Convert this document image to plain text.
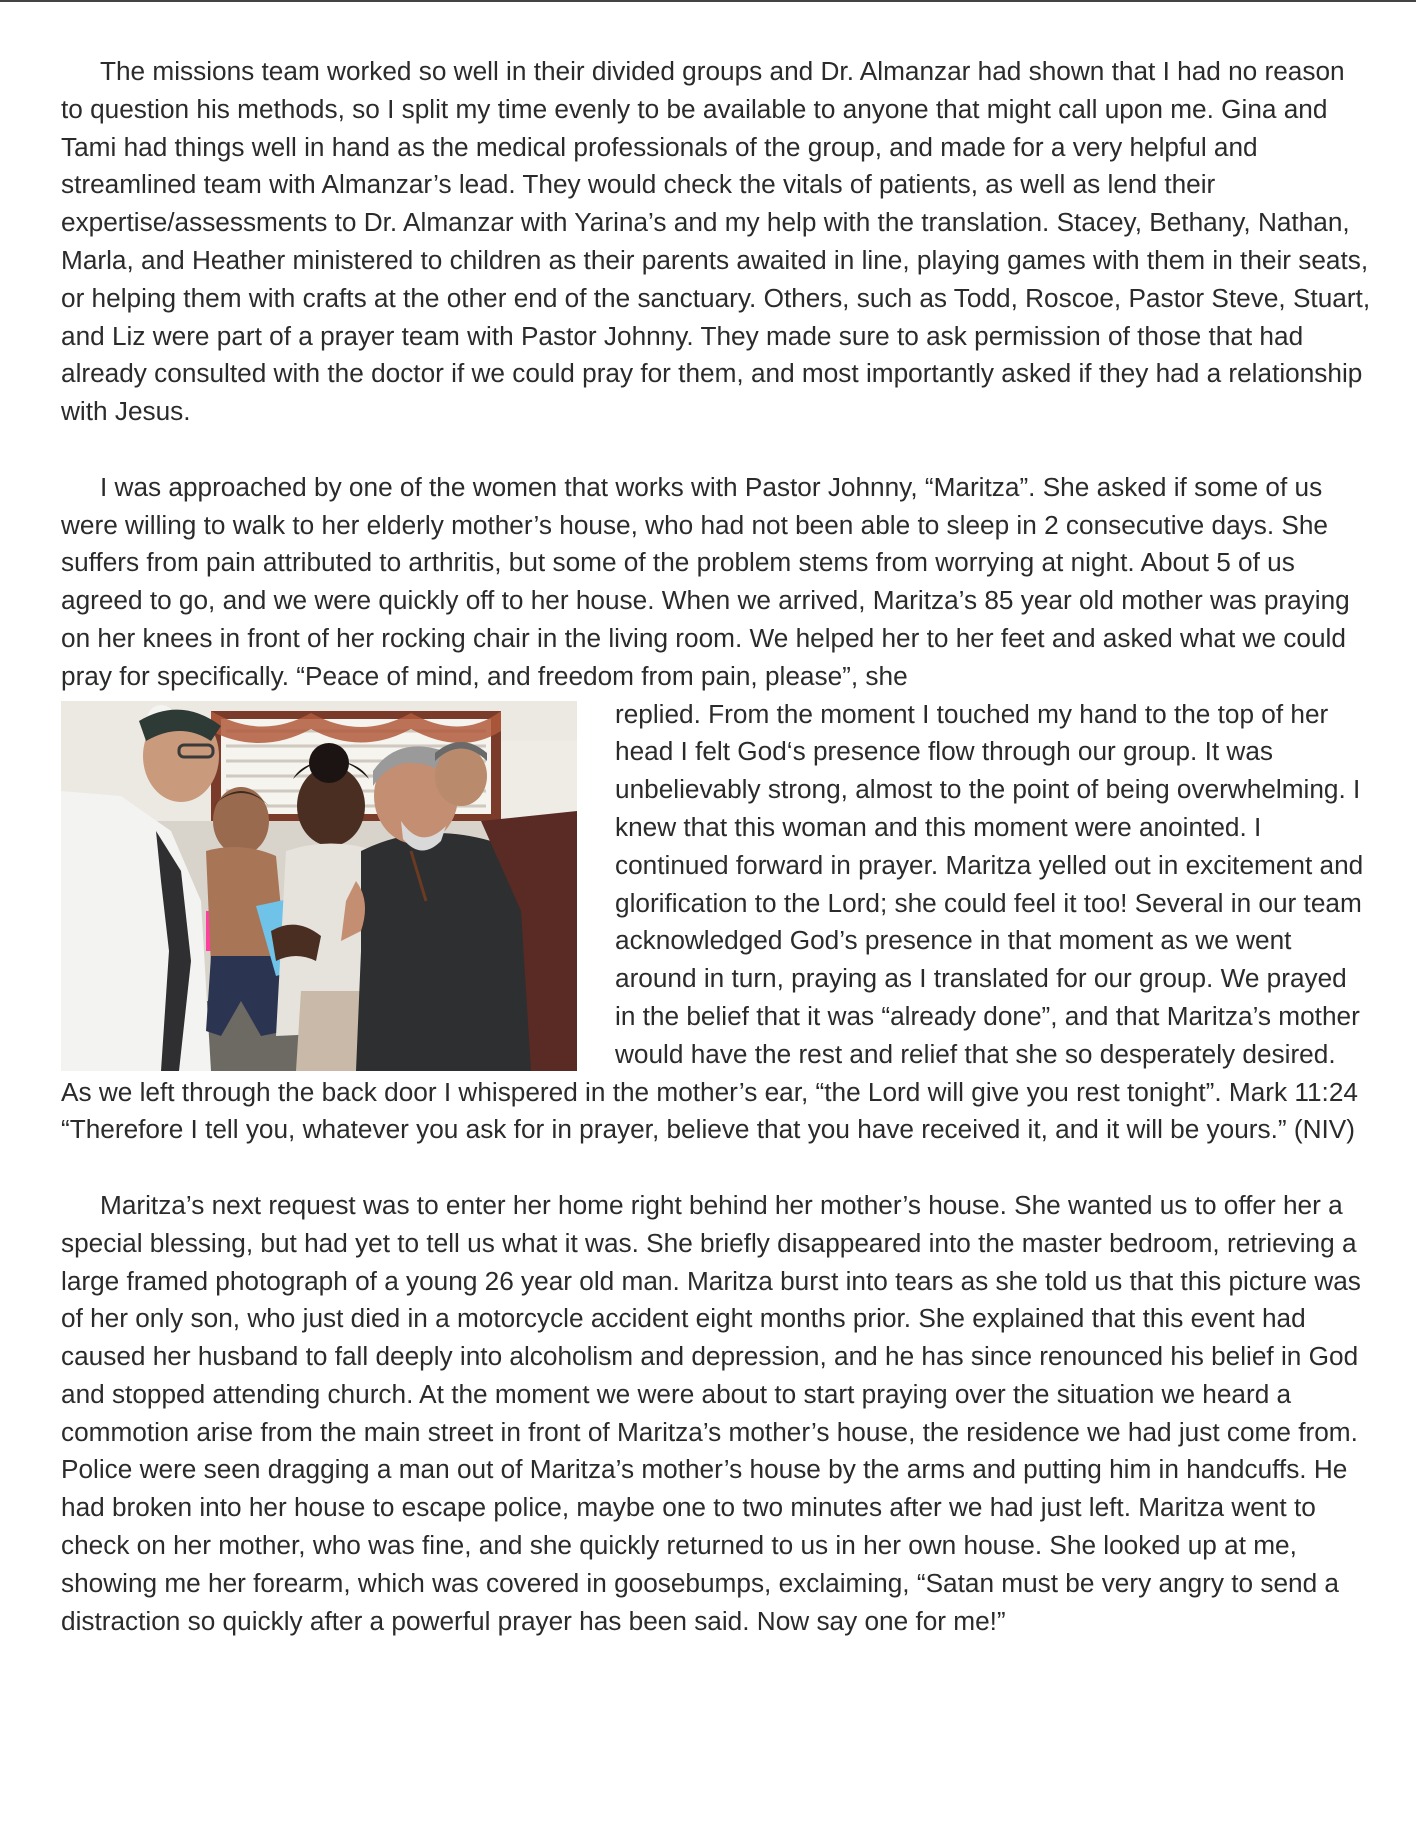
The missions team worked so well in their divided groups and Dr. Almanzar had shown that I had no reason to question his methods, so I split my time evenly to be available to anyone that might call upon me. Gina and Tami had things well in hand as the medical professionals of the group, and made for a very helpful and streamlined team with Almanzar’s lead. They would check the vitals of patients, as well as lend their expertise/assessments to Dr. Almanzar with Yarina’s and my help with the translation. Stacey, Bethany, Nathan, Marla, and Heather ministered to children as their parents awaited in line, playing games with them in their seats, or helping them with crafts at the other end of the sanctuary. Others, such as Todd, Roscoe, Pastor Steve, Stuart, and Liz were part of a prayer team with Pastor Johnny. They made sure to ask permission of those that had already consulted with the doctor if we could pray for them, and most importantly asked if they had a relationship with Jesus.

I was approached by one of the women that works with Pastor Johnny, “Maritza”. She asked if some of us were willing to walk to her elderly mother’s house, who had not been able to sleep in 2 consecutive days. She suffers from pain attributed to arthritis, but some of the problem stems from worrying at night. About 5 of us agreed to go, and we were quickly off to her house. When we arrived, Maritza’s 85 year old mother was praying on her knees in front of her rocking chair in the living room. We helped her to her feet and asked what we could pray for specifically. “Peace of mind, and freedom from pain, please”, she

replied. From the moment I touched my hand to the top of her head I felt God‘s presence flow through our group. It was unbelievably strong, almost to the point of being overwhelming. I knew that this woman and this moment were anointed. I continued forward in prayer. Maritza yelled out in excitement and glorification to the Lord; she could feel it too! Several in our team acknowledged God’s presence in that moment as we went around in turn, praying as I translated for our group. We prayed in the belief that it was “already done”, and that Maritza’s mother would have the rest and relief that she so desperately desired. As we left through the back door I whispered in the mother’s ear, “the Lord will give you rest tonight”. Mark 11:24 “Therefore I tell you, whatever you ask for in prayer, believe that you have received it, and it will be yours.” (NIV)

Maritza’s next request was to enter her home right behind her mother’s house. She wanted us to offer her a special blessing, but had yet to tell us what it was. She briefly disappeared into the master bedroom, retrieving a large framed photograph of a young 26 year old man. Maritza burst into tears as she told us that this picture was of her only son, who just died in a motorcycle accident eight months prior. She explained that this event had caused her husband to fall deeply into alcoholism and depression, and he has since renounced his belief in God and stopped attending church. At the moment we were about to start praying over the situation we heard a commotion arise from the main street in front of Maritza’s mother’s house, the residence we had just come from. Police were seen dragging a man out of Maritza’s mother’s house by the arms and putting him in handcuffs. He had broken into her house to escape police, maybe one to two minutes after we had just left. Maritza went to check on her mother, who was fine, and she quickly returned to us in her own house. She looked up at me, showing me her forearm, which was covered in goosebumps, exclaiming, “Satan must be very angry to send a distraction so quickly after a powerful prayer has been said. Now say one for me!”
